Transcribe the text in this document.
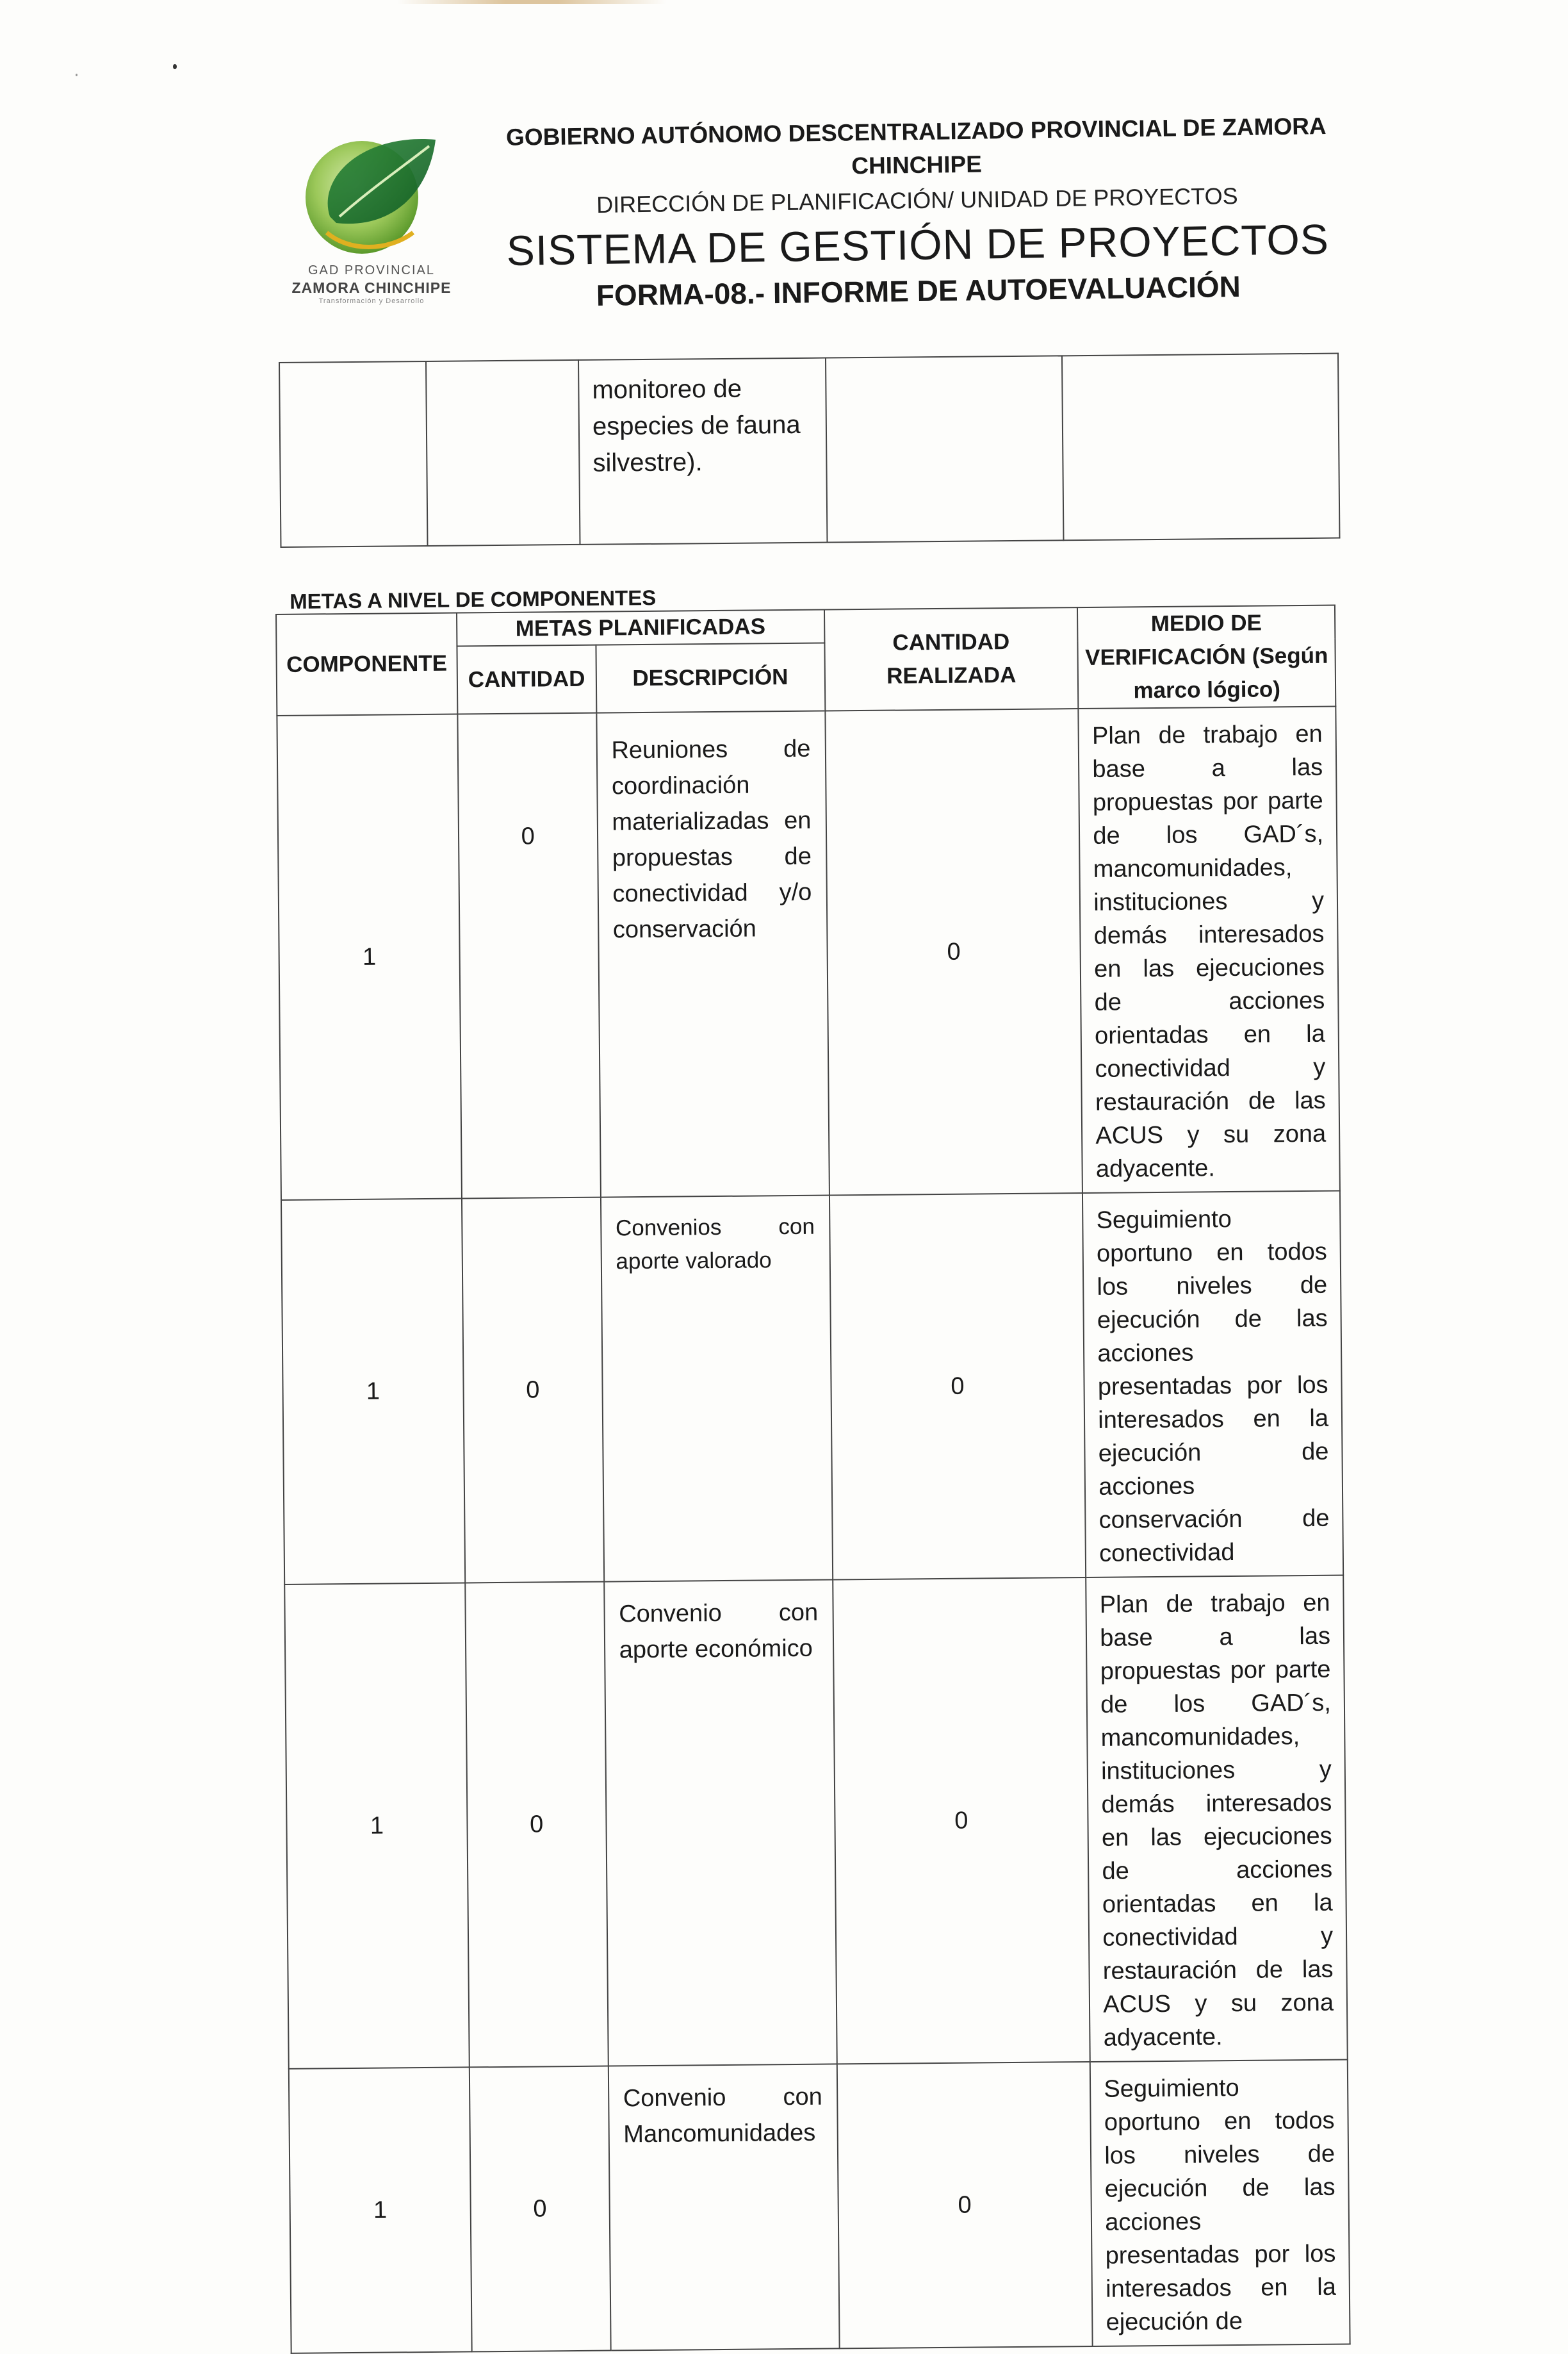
GAD PROVINCIAL
ZAMORA CHINCHIPE
Transformación y Desarrollo
GOBIERNO AUTÓNOMO DESCENTRALIZADO PROVINCIAL DE ZAMORA
CHINCHIPE
DIRECCIÓN DE PLANIFICACIÓN/ UNIDAD DE PROYECTOS
SISTEMA DE GESTIÓN DE PROYECTOS
FORMA-08.- INFORME DE AUTOEVALUACIÓN
		monitoreo de especies de fauna silvestre).		
METAS A NIVEL DE COMPONENTES
COMPONENTE	METAS PLANIFICADAS		CANTIDAD REALIZADA	MEDIO DE VERIFICACIÓN (Según marco lógico)
	CANTIDAD	DESCRIPCIÓN		
1	0	Reuniones de coordinación materializadas en propuestas de conectividad y/o conservación	0	Plan de trabajo en base a las propuestas por parte de los GAD´s, mancomunidades, instituciones y demás interesados en las ejecuciones de acciones orientadas en la conectividad y restauración de las ACUS y su zona adyacente.
1	0	Convenios con aporte valorado	0	Seguimiento oportuno en todos los niveles de ejecución de las acciones presentadas por los interesados en la ejecución de acciones conservación de conectividad
1	0	Convenio con aporte económico	0	Plan de trabajo en base a las propuestas por parte de los GAD´s, mancomunidades, instituciones y demás interesados en las ejecuciones de acciones orientadas en la conectividad y restauración de las ACUS y su zona adyacente.
1	0	Convenio con Mancomunidades	0	Seguimiento oportuno en todos los niveles de ejecución de las acciones presentadas por los interesados en la ejecución de
